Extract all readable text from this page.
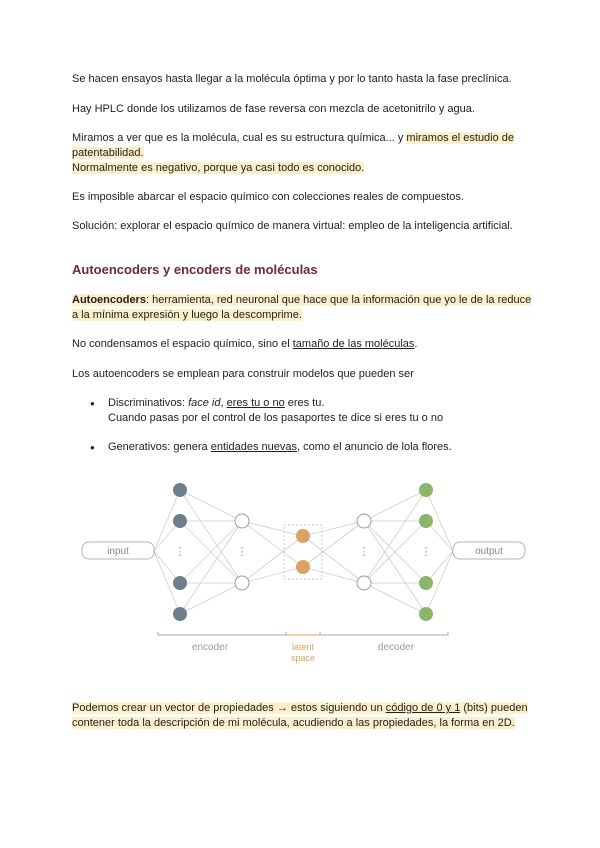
Se hacen ensayos hasta llegar a la molécula óptima y por lo tanto hasta la fase preclínica.

Hay HPLC donde los utilizamos de fase reversa con mezcla de acetonitrilo y agua.

Miramos a ver que es la molécula, cual es su estructura química... y miramos el estudio de patentabilidad.
Normalmente es negativo, porque ya casi todo es conocido.

Es imposible abarcar el espacio químico con colecciones reales de compuestos.

Solución: explorar el espacio químico de manera virtual: empleo de la inteligencia artificial.

Autoencoders y encoders de moléculas

Autoencoders: herramienta, red neuronal que hace que la información que yo le de la reduce a la mínima expresión y luego la descomprime.

No condensamos el espacio químico, sino el tamaño de las moléculas.

Los autoencoders se emplean para construir modelos que pueden ser

● Discriminativos: face id, eres tu o no eres tu.
Cuando pasas por el control de los pasaportes te dice si eres tu o no
● Generativos: genera entidades nuevas, como el anuncio de lola flores.

Podemos crear un vector de propiedades → estos siguiendo un código de 0 y 1 (bits) pueden contener toda la descripción de mi molécula, acudiendo a las propiedades, la forma en 2D.

input	output
⋮	⋮	⋮	⋮
encoder	latent
space
decoder
